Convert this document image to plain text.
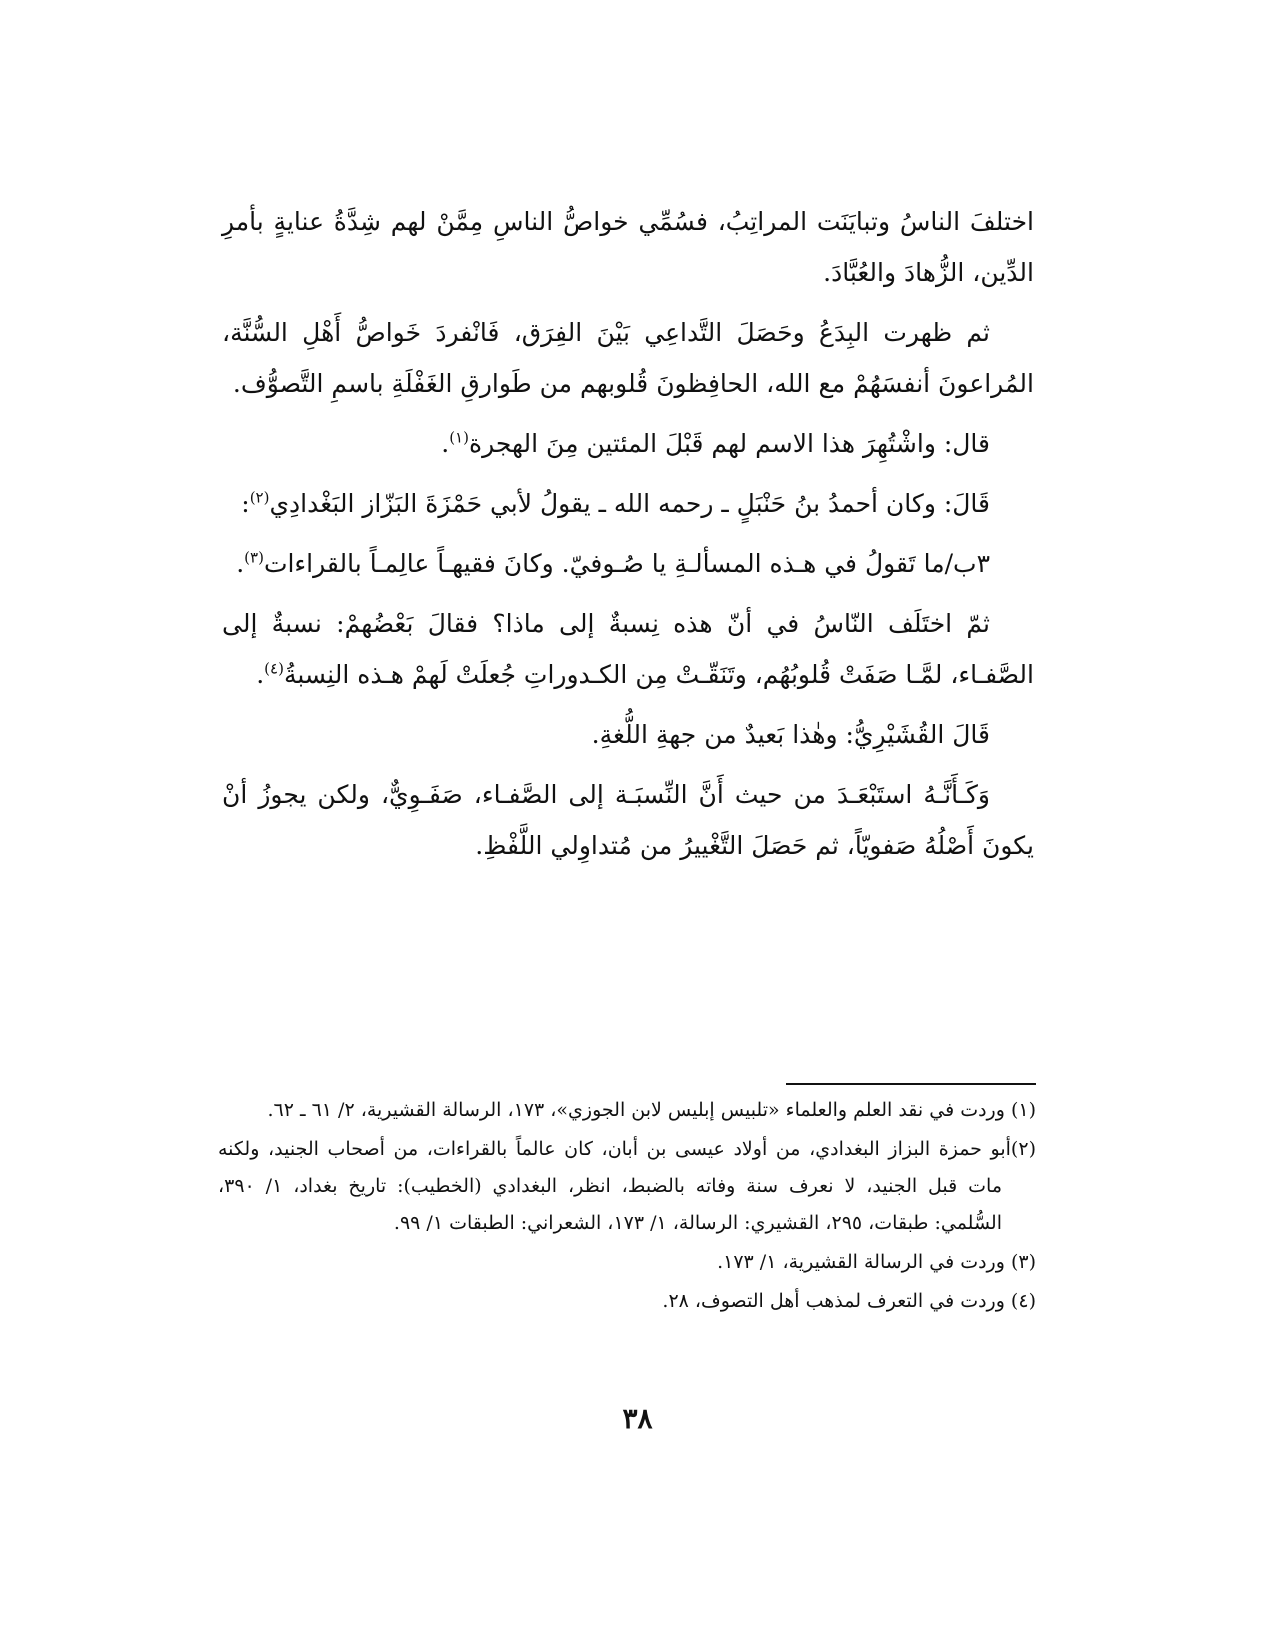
اختلفَ الناسُ وتبايَنَت المراتِبُ، فسُمِّي خواصُّ الناسِ مِمَّنْ لهم شِدَّةُ عنايةٍ بأمرِ الدِّين، الزُّهادَ والعُبَّادَ.

ثم ظهرت البِدَعُ وحَصَلَ التَّداعِي بَيْنَ الفِرَق، فَانْفردَ خَواصُّ أَهْلِ السُّنَّة، المُراعونَ أنفسَهُمْ مع الله، الحافِظونَ قُلوبهم من طَوارقِ الغَفْلَةِ باسمِ التَّصوُّف.

قال: واشْتُهِرَ هذا الاسم لهم قَبْلَ المئتين مِنَ الهجرة$^{(١)}$.

قَالَ: وكان أحمدُ بنُ حَنْبَلٍ ـ رحمه الله ـ يقولُ لأبي حَمْزَةَ البَزّاز البَغْدادِي$^{(٢)}$:

٣ب/ما تَقولُ في هـذه المسألـةِ يا صُـوفيّ. وكانَ فقيهـاً عالِمـاً بالقراءات$^{(٣)}$.

ثمّ اختَلَف النّاسُ في أنّ هذه نِسبةٌ إلى ماذا؟ فقالَ بَعْضُهمْ: نسبةٌ إلى الصَّفـاء، لمَّـا صَفَتْ قُلوبُهُم، وتَنَقّـتْ مِن الكـدوراتِ جُعلَتْ لَهمْ هـذه النِسبةُ$^{(٤)}$.

قَالَ القُشَيْرِيُّ: وهٰذا بَعيدٌ من جهةِ اللُّغةِ.

وَكَـأَنَّـهُ استَبْعَـدَ من حيث أَنَّ النِّسبَـة إلى الصَّفـاء، صَفَـوِيٌّ، ولكن يجوزُ أنْ يكونَ أَصْلُهُ صَفويّاً، ثم حَصَلَ التَّغْييرُ من مُتداوِلي اللَّفْظِ.

(١) وردت في نقد العلم والعلماء «تلبيس إبليس لابن الجوزي»، ١٧٣، الرسالة القشيرية، ٢/ ٦١ ـ ٦٢.

(٢)أبو حمزة البزاز البغدادي، من أولاد عيسى بن أبان، كان عالماً بالقراءات، من أصحاب الجنيد، ولكنه مات قبل الجنيد، لا نعرف سنة وفاته بالضبط، انظر، البغدادي (الخطيب): تاريخ بغداد، ١/ ٣٩٠، السُّلمي: طبقات، ٢٩٥، القشيري: الرسالة، ١/ ١٧٣، الشعراني: الطبقات ١/ ٩٩.

(٣) وردت في الرسالة القشيرية، ١/ ١٧٣.

(٤) وردت في التعرف لمذهب أهل التصوف، ٢٨.

٣٨
